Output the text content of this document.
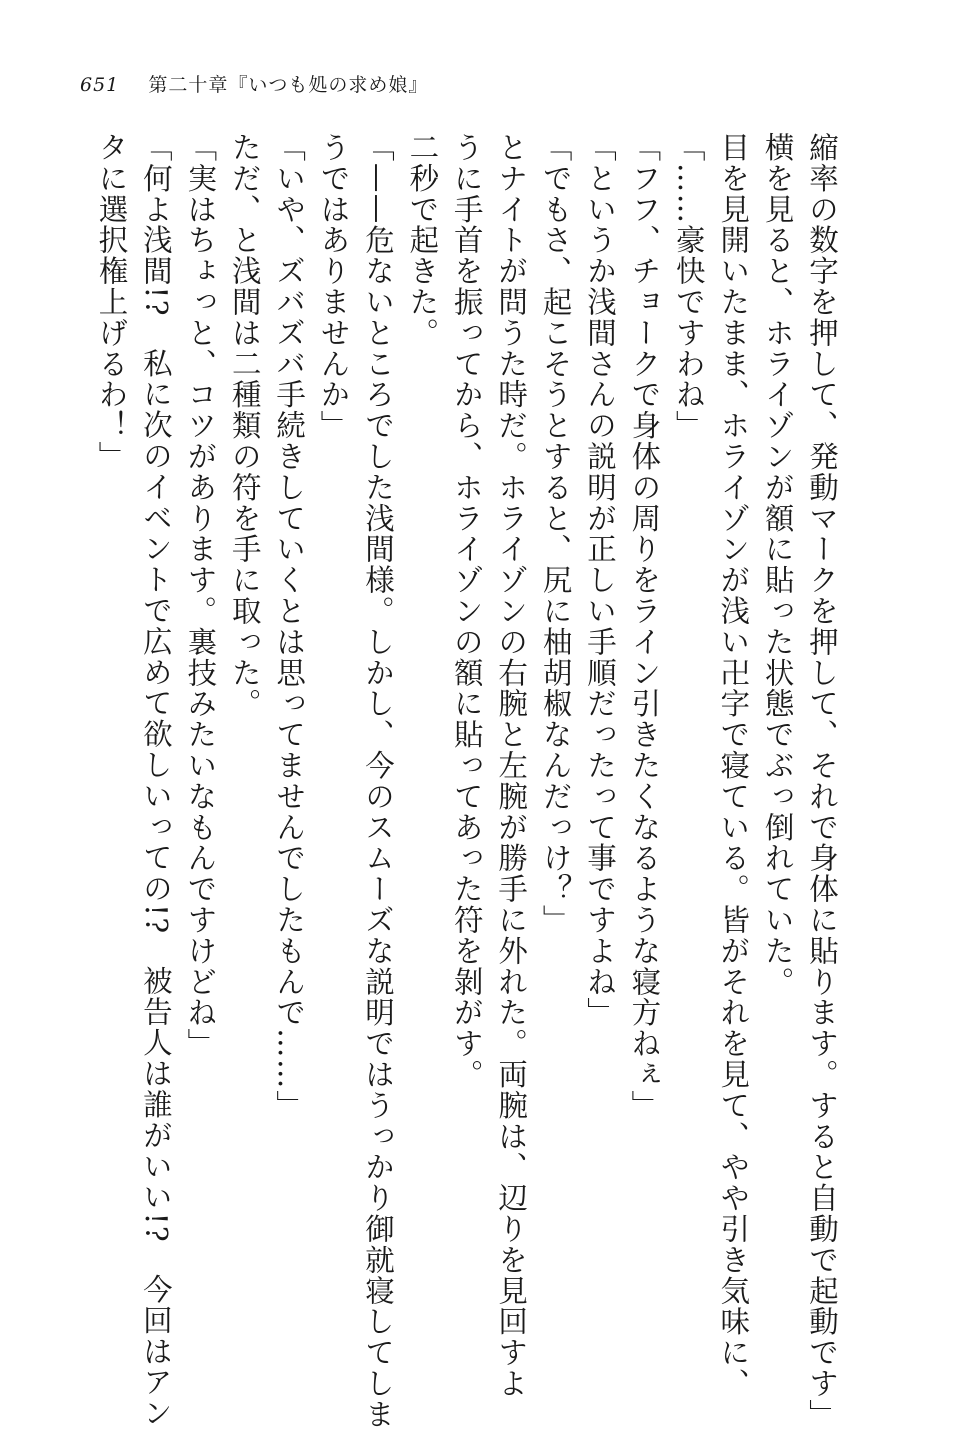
651 第二十章『いつも処の求め娘』
縮率の数字を押して、発動マークを押して、それで身体に貼ります。すると自動で起動です」
横を見ると、ホライゾンが額に貼った状態でぶっ倒れていた。
目を見開いたまま、ホライゾンが浅い卍字で寝ている。皆がそれを見て、やや引き気味に、
「……豪快ですわね」
「フフ、チョークで身体の周りをライン引きたくなるような寝方ねぇ」
「というか浅間さんの説明が正しい手順だったって事ですよね」
「でもさ、起こそうとすると、尻に柚胡椒なんだっけ？」
とナイトが問うた時だ。ホライゾンの右腕と左腕が勝手に外れた。両腕は、辺りを見回すよ
うに手首を振ってから、ホライゾンの額に貼ってあった符を剝がす。
二秒で起きた。
「——危ないところでした浅間様。しかし、今のスムーズな説明ではうっかり御就寝してしま
うではありませんか」
「いや、ズバズバ手続きしていくとは思ってませんでしたもんで……」
ただ、と浅間は二種類の符を手に取った。
「実はちょっと、コツがあります。裏技みたいなもんですけどね」
「何よ浅間!?　私に次のイベントで広めて欲しいっての!?　被告人は誰がいい!?　今回はアン
タに選択権上げるわ！」
